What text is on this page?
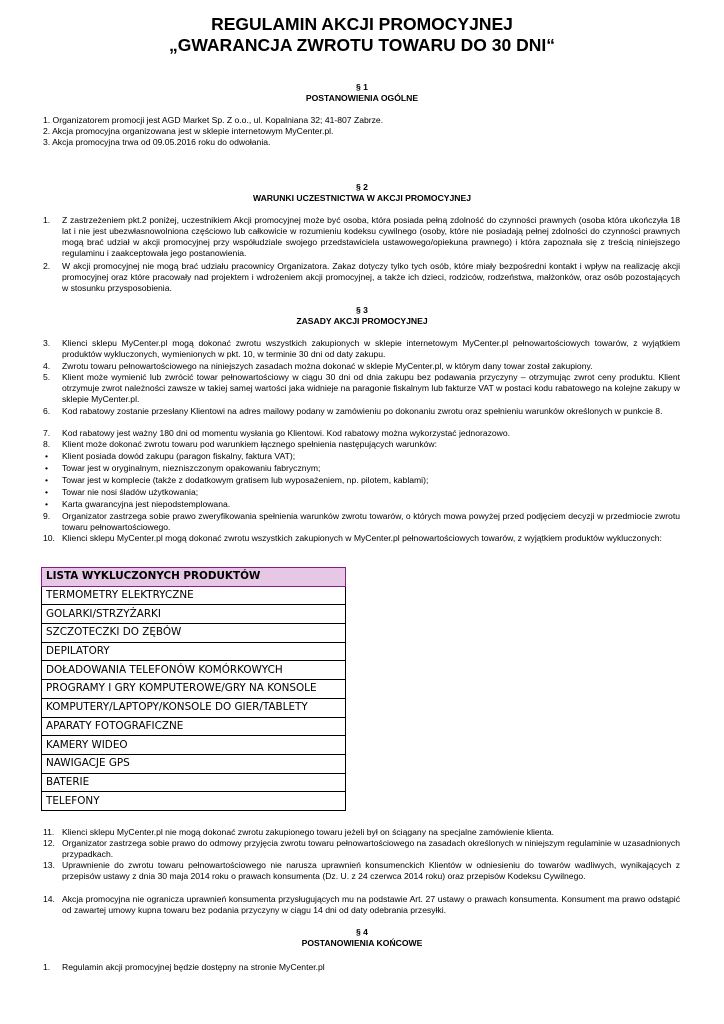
REGULAMIN AKCJI PROMOCYJNEJ
„GWARANCJA ZWROTU TOWARU DO 30 DNI“
§ 1
POSTANOWIENIA OGÓLNE
1. Organizatorem promocji jest AGD Market Sp. Z o.o., ul. Kopalniana 32; 41-807 Zabrze.
2. Akcja promocyjna organizowana jest w sklepie internetowym MyCenter.pl.
3. Akcja promocyjna trwa od 09.05.2016 roku do odwołania.
§ 2
WARUNKI UCZESTNICTWA W AKCJI PROMOCYJNEJ
1. Z zastrzeżeniem pkt.2 poniżej, uczestnikiem Akcji promocyjnej może być osoba, która posiada pełną zdolność do czynności prawnych (osoba która ukończyła 18 lat i nie jest ubezwłasnowolniona częściowo lub całkowicie w rozumieniu kodeksu cywilnego (osoby, które nie posiadają pełnej zdolności do czynności prawnych mogą brać udział w akcji promocyjnej przy współudziale swojego przedstawiciela ustawowego/opiekuna prawnego) i która zapoznała się z treścią niniejszego regulaminu i zaakceptowała jego postanowienia.
2. W akcji promocyjnej nie mogą brać udziału pracownicy Organizatora. Zakaz dotyczy tylko tych osób, które miały bezpośredni kontakt i wpływ na realizację akcji promocyjnej oraz które pracowały nad projektem i wdrożeniem akcji promocyjnej, a także ich dzieci, rodziców, rodzeństwa, małżonków, oraz osób pozostających w stosunku przysposobienia.
§ 3
ZASADY AKCJI PROMOCYJNEJ
3. Klienci sklepu MyCenter.pl mogą dokonać zwrotu wszystkich zakupionych w sklepie internetowym MyCenter.pl pełnowartościowych towarów, z wyjątkiem produktów wykluczonych, wymienionych w pkt. 10, w terminie 30 dni od daty zakupu.
4. Zwrotu towaru pełnowartościowego na niniejszych zasadach można dokonać w sklepie MyCenter.pl, w którym dany towar został zakupiony.
5. Klient może wymienić lub zwrócić towar pełnowartościowy w ciągu 30 dni od dnia zakupu bez podawania przyczyny – otrzymując zwrot ceny produktu. Klient otrzymuje zwrot należności zawsze w takiej samej wartości jaka widnieje na paragonie fiskalnym lub fakturze VAT w postaci kodu rabatowego na kolejne zakupy w sklepie MyCenter.pl.
6. Kod rabatowy zostanie przesłany Klientowi na adres mailowy podany w zamówieniu po dokonaniu zwrotu oraz spełnieniu warunków określonych w punkcie 8.
7. Kod rabatowy jest ważny 180 dni od momentu wysłania go Klientowi. Kod rabatowy można wykorzystać jednorazowo.
8. Klient może dokonać zwrotu towaru pod warunkiem łącznego spełnienia następujących warunków:
• Klient posiada dowód zakupu (paragon fiskalny, faktura VAT);
• Towar jest w oryginalnym, niezniszczonym opakowaniu fabrycznym;
• Towar jest w komplecie (także z dodatkowym gratisem lub wyposażeniem, np. pilotem, kablami);
• Towar nie nosi śladów użytkowania;
• Karta gwarancyjna jest niepodstemplowana.
9. Organizator zastrzega sobie prawo zweryfikowania spełnienia warunków zwrotu towarów, o których mowa powyżej przed podjęciem decyzji w przedmiocie zwrotu towaru pełnowartościowego.
10. Klienci sklepu MyCenter.pl mogą dokonać zwrotu wszystkich zakupionych w MyCenter.pl pełnowartościowych towarów, z wyjątkiem produktów wykluczonych:
LISTA WYKLUCZONYCH PRODUKTÓW
TERMOMETRY ELEKTRYCZNE
GOLARKI/STRZYŻARKI
SZCZOTECZKI DO ZĘBÓW
DEPILATORY
DOŁADOWANIA TELEFONÓW KOMÓRKOWYCH
PROGRAMY I GRY KOMPUTEROWE/GRY NA KONSOLE
KOMPUTERY/LAPTOPY/KONSOLE DO GIER/TABLETY
APARATY FOTOGRAFICZNE
KAMERY WIDEO
NAWIGACJE GPS
BATERIE
TELEFONY
11. Klienci sklepu MyCenter.pl nie mogą dokonać zwrotu zakupionego towaru jeżeli był on ściągany na specjalne zamówienie klienta.
12. Organizator zastrzega sobie prawo do odmowy przyjęcia zwrotu towaru pełnowartościowego na zasadach określonych w niniejszym regulaminie w uzasadnionych przypadkach.
13. Uprawnienie do zwrotu towaru pełnowartościowego nie narusza uprawnień konsumenckich Klientów w odniesieniu do towarów wadliwych, wynikających z przepisów ustawy z dnia 30 maja 2014 roku o prawach konsumenta (Dz. U. z 24 czerwca 2014 roku) oraz przepisów Kodeksu Cywilnego.
14. Akcja promocyjna nie ogranicza uprawnień konsumenta przysługujących mu na podstawie Art. 27 ustawy o prawach konsumenta. Konsument ma prawo odstąpić od zawartej umowy kupna towaru bez podania przyczyny w ciągu 14 dni od daty odebrania przesyłki.
§ 4
POSTANOWIENIA KOŃCOWE
1. Regulamin akcji promocyjnej będzie dostępny na stronie MyCenter.pl
